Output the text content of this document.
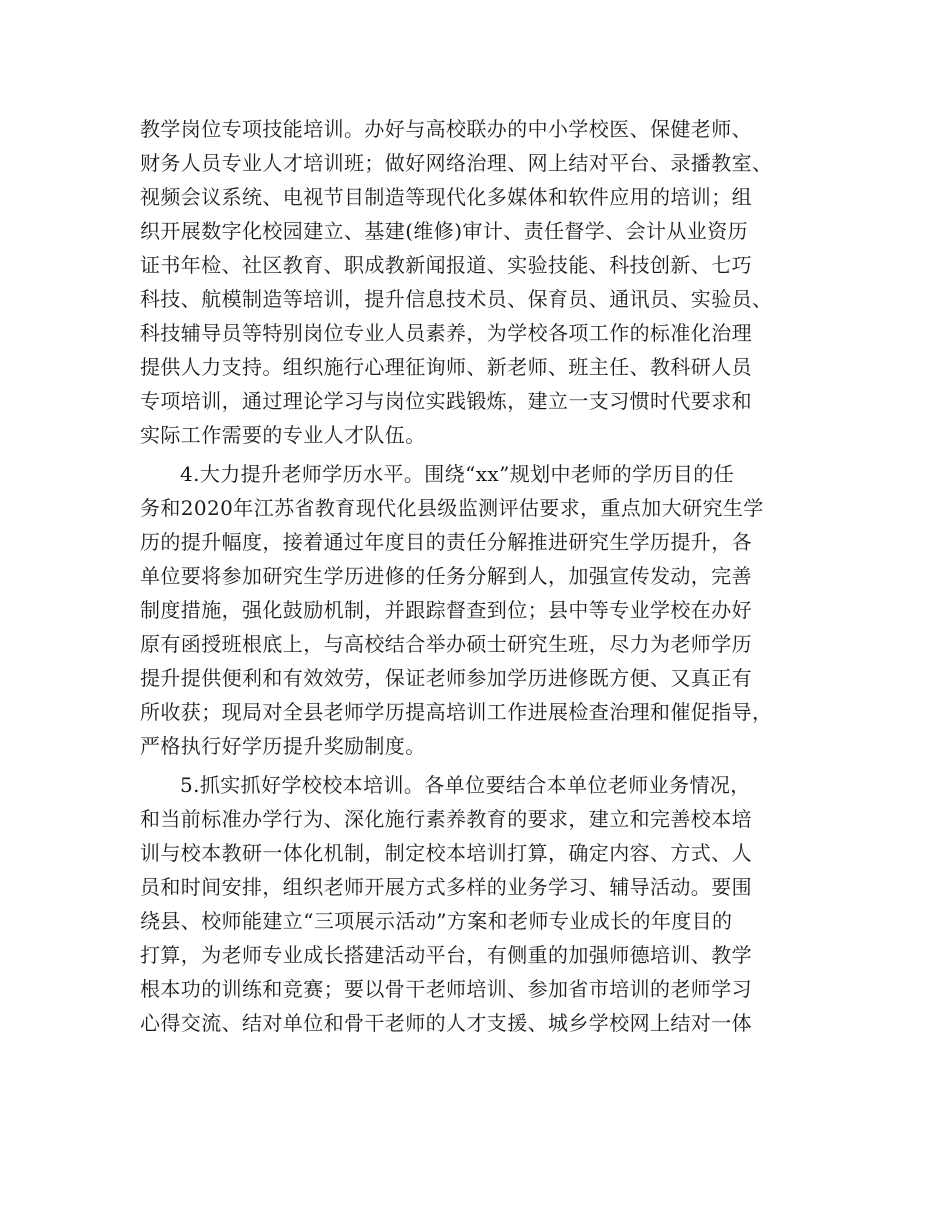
教学岗位专项技能培训。办好与高校联办的中小学校医、保健老师、
财务人员专业人才培训班；做好网络治理、网上结对平台、录播教室、
视频会议系统、电视节目制造等现代化多媒体和软件应用的培训；组
织开展数字化校园建立、基建(维修)审计、责任督学、会计从业资历
证书年检、社区教育、职成教新闻报道、实验技能、科技创新、七巧
科技、航模制造等培训，提升信息技术员、保育员、通讯员、实验员、
科技辅导员等特别岗位专业人员素养，为学校各项工作的标准化治理
提供人力支持。组织施行心理征询师、新老师、班主任、教科研人员
专项培训，通过理论学习与岗位实践锻炼，建立一支习惯时代要求和
实际工作需要的专业人才队伍。
4.大力提升老师学历水平。围绕“xx”规划中老师的学历目的任
务和2020年江苏省教育现代化县级监测评估要求，重点加大研究生学
历的提升幅度，接着通过年度目的责任分解推进研究生学历提升，各
单位要将参加研究生学历进修的任务分解到人，加强宣传发动，完善
制度措施，强化鼓励机制，并跟踪督查到位；县中等专业学校在办好
原有函授班根底上，与高校结合举办硕士研究生班，尽力为老师学历
提升提供便利和有效效劳，保证老师参加学历进修既方便、又真正有
所收获；现局对全县老师学历提高培训工作进展检查治理和催促指导，
严格执行好学历提升奖励制度。
5.抓实抓好学校校本培训。各单位要结合本单位老师业务情况，
和当前标准办学行为、深化施行素养教育的要求，建立和完善校本培
训与校本教研一体化机制，制定校本培训打算，确定内容、方式、人
员和时间安排，组织老师开展方式多样的业务学习、辅导活动。要围
绕县、校师能建立“三项展示活动”方案和老师专业成长的年度目的
打算，为老师专业成长搭建活动平台，有侧重的加强师德培训、教学
根本功的训练和竞赛；要以骨干老师培训、参加省市培训的老师学习
心得交流、结对单位和骨干老师的人才支援、城乡学校网上结对一体
